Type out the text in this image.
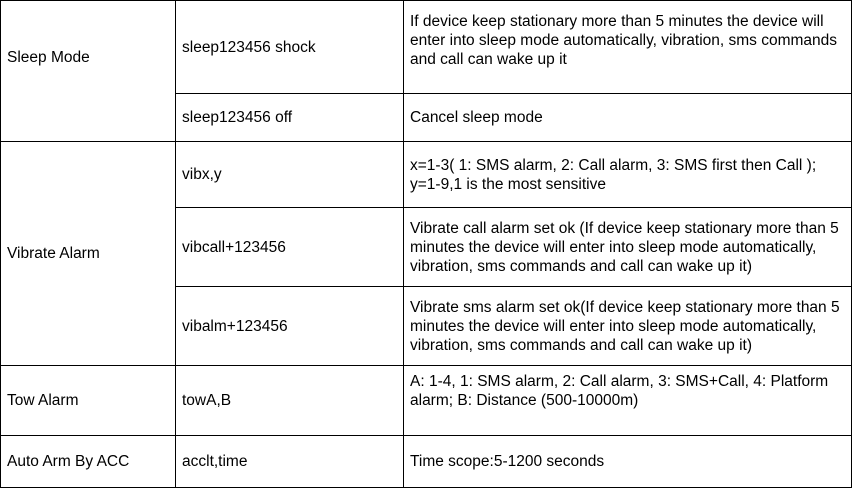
Sleep Mode	sleep123456 shock	If device keep stationary more than 5 minutes the device will enter into sleep mode automatically, vibration, sms commands and call can wake up it

	sleep123456 off	Cancel sleep mode

Vibrate Alarm	vibx,y	x=1-3( 1: SMS alarm, 2: Call alarm, 3: SMS first then Call ); y=1-9,1 is the most sensitive

	vibcall+123456	Vibrate call alarm set ok (If device keep stationary more than 5 minutes the device will enter into sleep mode automatically, vibration, sms commands and call can wake up it)

	vibalm+123456	Vibrate sms alarm set ok(If device keep stationary more than 5 minutes the device will enter into sleep mode automatically, vibration, sms commands and call can wake up it)

Tow Alarm	towA,B	A: 1-4, 1: SMS alarm, 2: Call alarm, 3: SMS+Call, 4: Platform alarm; B: Distance (500-10000m)

Auto Arm By ACC	acclt,time	Time scope:5-1200 seconds
